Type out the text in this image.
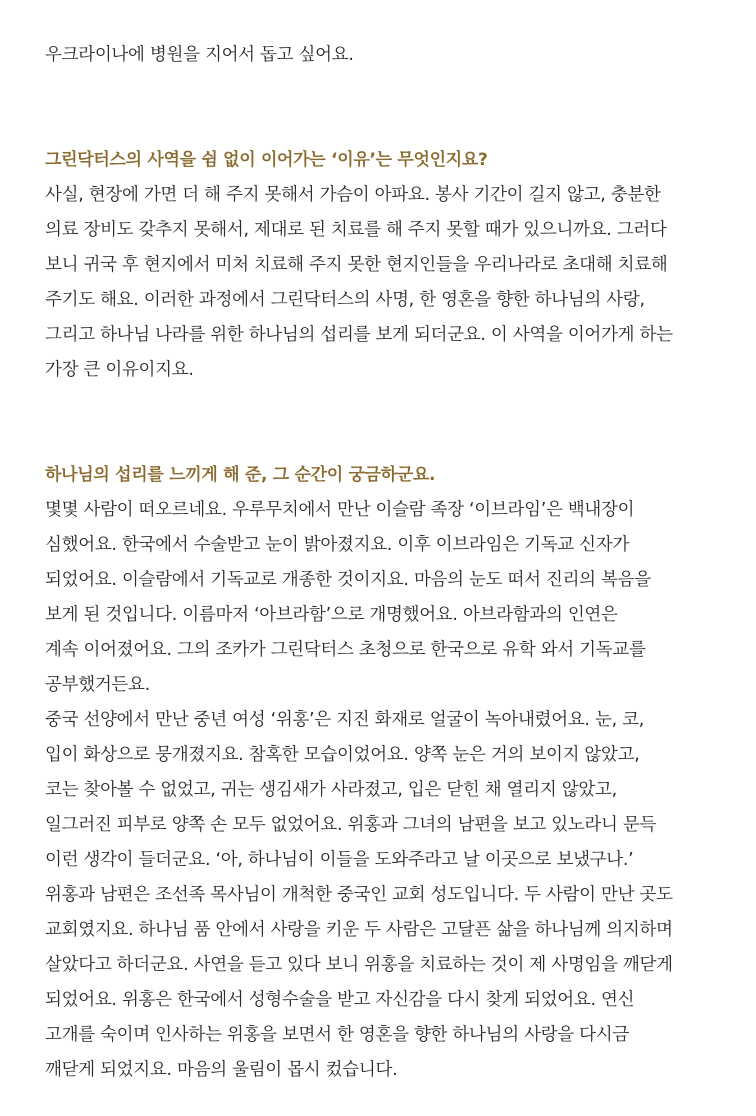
우크라이나에 병원을 지어서 돕고 싶어요.
그린닥터스의 사역을 쉼 없이 이어가는 ‘이유’는 무엇인지요?
사실, 현장에 가면 더 해 주지 못해서 가슴이 아파요. 봉사 기간이 길지 않고, 충분한
의료 장비도 갖추지 못해서, 제대로 된 치료를 해 주지 못할 때가 있으니까요. 그러다
보니 귀국 후 현지에서 미처 치료해 주지 못한 현지인들을 우리나라로 초대해 치료해
주기도 해요. 이러한 과정에서 그린닥터스의 사명, 한 영혼을 향한 하나님의 사랑,
그리고 하나님 나라를 위한 하나님의 섭리를 보게 되더군요. 이 사역을 이어가게 하는
가장 큰 이유이지요.
하나님의 섭리를 느끼게 해 준, 그 순간이 궁금하군요.
몇몇 사람이 떠오르네요. 우루무치에서 만난 이슬람 족장 ‘이브라임’은 백내장이
심했어요. 한국에서 수술받고 눈이 밝아졌지요. 이후 이브라임은 기독교 신자가
되었어요. 이슬람에서 기독교로 개종한 것이지요. 마음의 눈도 떠서 진리의 복음을
보게 된 것입니다. 이름마저 ‘아브라함’으로 개명했어요. 아브라함과의 인연은
계속 이어졌어요. 그의 조카가 그린닥터스 초청으로 한국으로 유학 와서 기독교를
공부했거든요.
중국 선양에서 만난 중년 여성 ‘위홍’은 지진 화재로 얼굴이 녹아내렸어요. 눈, 코,
입이 화상으로 뭉개졌지요. 참혹한 모습이었어요. 양쪽 눈은 거의 보이지 않았고,
코는 찾아볼 수 없었고, 귀는 생김새가 사라졌고, 입은 닫힌 채 열리지 않았고,
일그러진 피부로 양쪽 손 모두 없었어요. 위홍과 그녀의 남편을 보고 있노라니 문득
이런 생각이 들더군요. ‘아, 하나님이 이들을 도와주라고 날 이곳으로 보냈구나.’
위홍과 남편은 조선족 목사님이 개척한 중국인 교회 성도입니다. 두 사람이 만난 곳도
교회였지요. 하나님 품 안에서 사랑을 키운 두 사람은 고달픈 삶을 하나님께 의지하며
살았다고 하더군요. 사연을 듣고 있다 보니 위홍을 치료하는 것이 제 사명임을 깨닫게
되었어요. 위홍은 한국에서 성형수술을 받고 자신감을 다시 찾게 되었어요. 연신
고개를 숙이며 인사하는 위홍을 보면서 한 영혼을 향한 하나님의 사랑을 다시금
깨닫게 되었지요. 마음의 울림이 몹시 컸습니다.
